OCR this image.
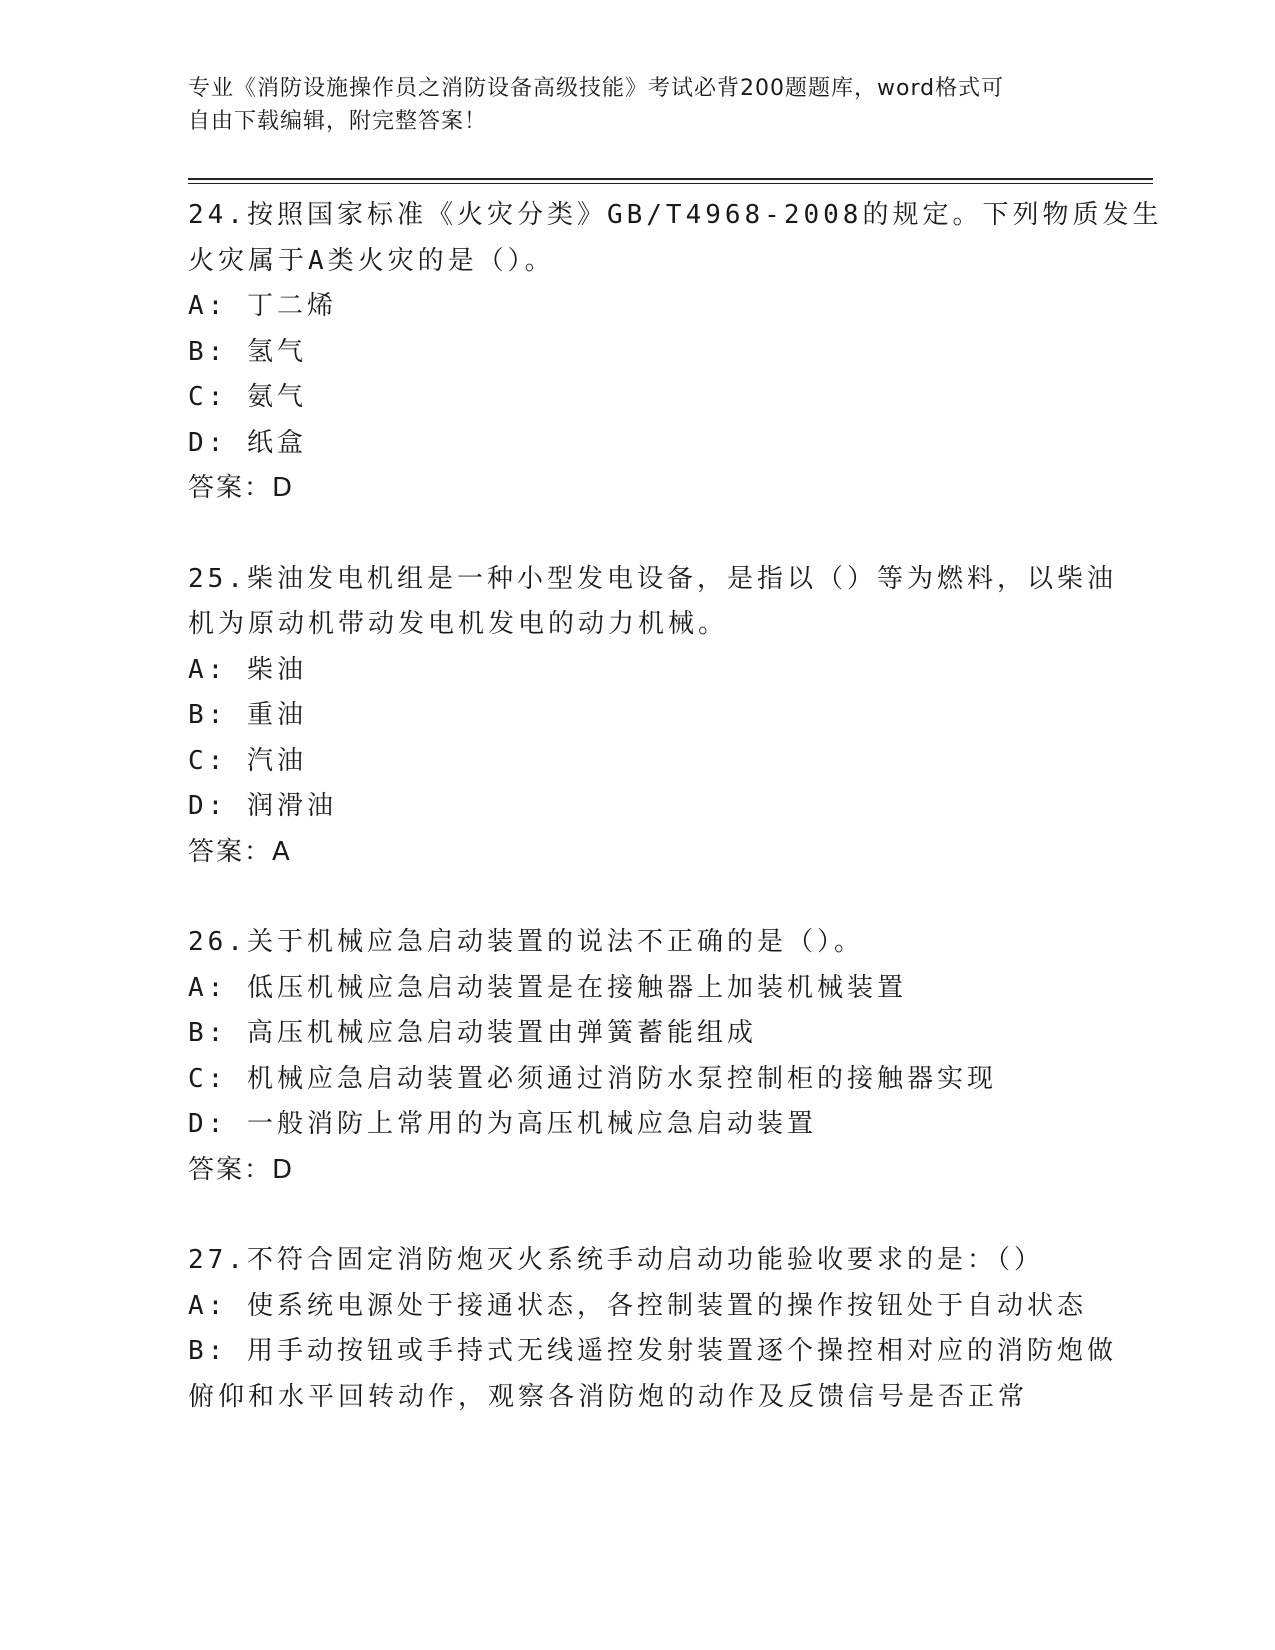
专业《消防设施操作员之消防设备高级技能》考试必背200题题库，word格式可
自由下载编辑，附完整答案！
24.按照国家标准《火灾分类》GB/T4968-2008的规定。下列物质发生
火灾属于A类火灾的是（）。
A: 丁二烯
B: 氢气
C: 氨气
D: 纸盒
答案：D
25.柴油发电机组是一种小型发电设备，是指以（）等为燃料，以柴油
机为原动机带动发电机发电的动力机械。
A: 柴油
B: 重油
C: 汽油
D: 润滑油
答案：A
26.关于机械应急启动装置的说法不正确的是（）。
A: 低压机械应急启动装置是在接触器上加装机械装置
B: 高压机械应急启动装置由弹簧蓄能组成
C: 机械应急启动装置必须通过消防水泵控制柜的接触器实现
D: 一般消防上常用的为高压机械应急启动装置
答案：D
27.不符合固定消防炮灭火系统手动启动功能验收要求的是：（）
A: 使系统电源处于接通状态，各控制装置的操作按钮处于自动状态
B: 用手动按钮或手持式无线遥控发射装置逐个操控相对应的消防炮做
俯仰和水平回转动作，观察各消防炮的动作及反馈信号是否正常
